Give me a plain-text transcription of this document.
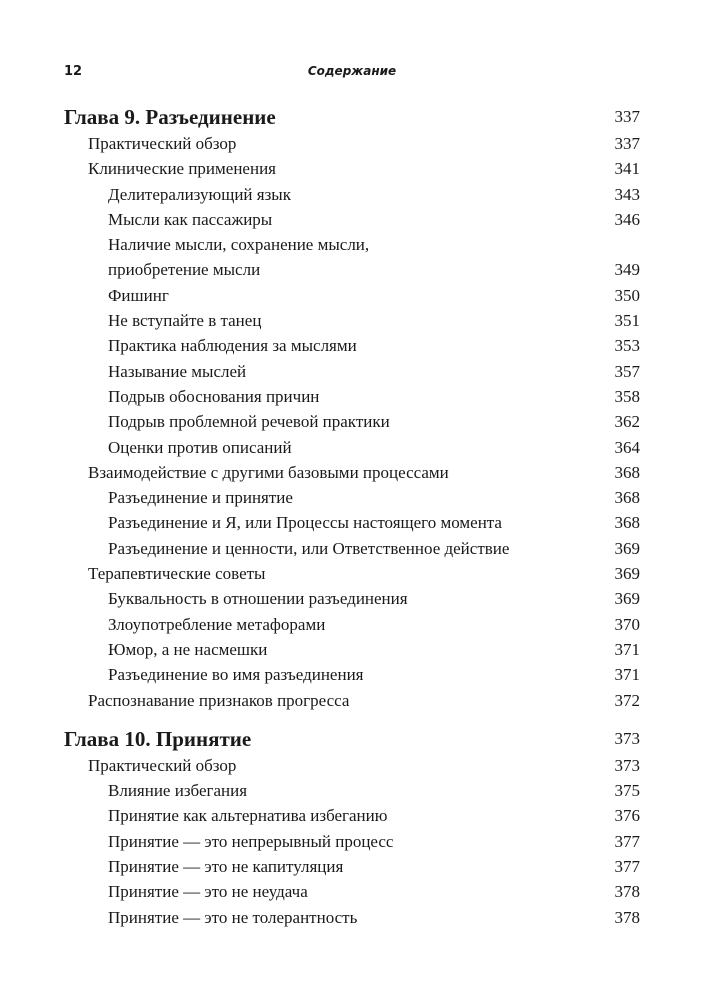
12	Содержание
Глава 9. Разъединение	337
Практический обзор	337
Клинические применения	341
Делитерализующий язык	343
Мысли как пассажиры	346
Наличие мысли, сохранение мысли,
приобретение мысли	349
Фишинг	350
Не вступайте в танец	351
Практика наблюдения за мыслями	353
Называние мыслей	357
Подрыв обоснования причин	358
Подрыв проблемной речевой практики	362
Оценки против описаний	364
Взаимодействие с другими базовыми процессами	368
Разъединение и принятие	368
Разъединение и Я, или Процессы настоящего момента	368
Разъединение и ценности, или Ответственное действие	369
Терапевтические советы	369
Буквальность в отношении разъединения	369
Злоупотребление метафорами	370
Юмор, а не насмешки	371
Разъединение во имя разъединения	371
Распознавание признаков прогресса	372
Глава 10. Принятие	373
Практический обзор	373
Влияние избегания	375
Принятие как альтернатива избеганию	376
Принятие — это непрерывный процесс	377
Принятие — это не капитуляция	377
Принятие — это не неудача	378
Принятие — это не толерантность	378
